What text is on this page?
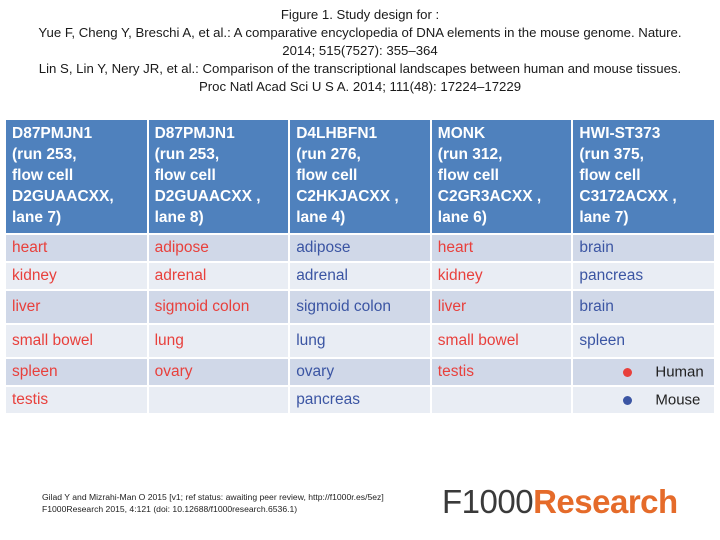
Figure 1. Study design for :
Yue F, Cheng Y, Breschi A, et al.: A comparative encyclopedia of DNA elements in the mouse genome. Nature.
2014; 515(7527): 355–364
Lin S, Lin Y, Nery JR, et al.: Comparison of the transcriptional landscapes between human and mouse tissues.
Proc Natl Acad Sci U S A. 2014; 111(48): 17224–17229
D87PMJN1
(run 253,
flow cell
D2GUAACXX,
lane 7)	D87PMJN1
(run 253,
flow cell
D2GUAACXX ,
lane 8)	D4LHBFN1
(run 276,
flow cell
C2HKJACXX ,
lane 4)	MONK
(run 312,
flow cell
C2GR3ACXX ,
lane 6)	HWI-ST373
(run 375,
flow cell
C3172ACXX ,
lane 7)
heart	adipose	adipose	heart	brain
kidney	adrenal	adrenal	kidney	pancreas
liver	sigmoid colon	sigmoid colon	liver	brain
small bowel	lung	lung	small bowel	spleen
spleen	ovary	ovary	testis	Human

testis		pancreas		Mouse
Gilad Y and Mizrahi-Man O 2015 [v1; ref status: awaiting peer review, http://f1000r.es/5ez]
F1000Research 2015, 4:121 (doi: 10.12688/f1000research.6536.1)	F1000Research
